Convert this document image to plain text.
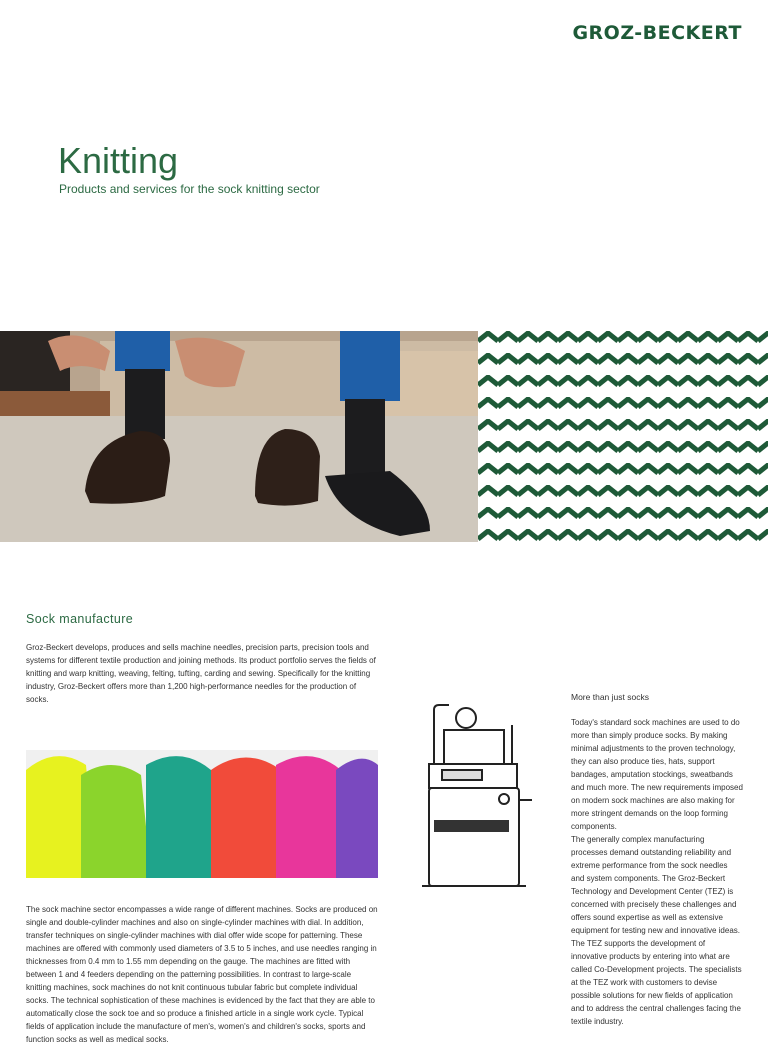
GROZ-BECKERT
Knitting
Products and services for the sock knitting sector
Sock manufacture
Groz-Beckert develops, produces and sells machine needles, precision parts, precision tools and systems for different textile production and joining methods. Its product portfolio serves the fields of knitting and warp knitting, weaving, felting, tufting, carding and sewing. Specifically for the knitting industry, Groz-Beckert offers more than 1,200 high-performance needles for the production of socks.
The sock machine sector encompasses a wide range of different machines. Socks are produced on single and double-cylinder machines and also on single-cylinder machines with dial. In addition, transfer techniques on single-cylinder machines with dial offer wide scope for patterning. These machines are offered with commonly used diameters of 3.5 to 5 inches, and use needles ranging in thicknesses from 0.4 mm to 1.55 mm depending on the gauge. The machines are fitted with between 1 and 4 feeders depending on the patterning possibilities. In contrast to large-scale knitting machines, sock machines do not knit continuous tubular fabric but complete individual socks. The technical sophistication of these machines is evidenced by the fact that they are able to automatically close the sock toe and so produce a finished article in a single work cycle. Typical fields of application include the manufacture of men's, women's and children's socks, sports and function socks as well as medical socks.
More than just socks
Today's standard sock machines are used to do more than simply produce socks. By making minimal adjustments to the proven technology, they can also produce ties, hats, support bandages, amputation stockings, sweatbands and much more. The new requirements imposed on modern sock machines are also making for more stringent demands on the loop forming components.
The generally complex manufacturing processes demand outstanding reliability and extreme performance from the sock needles and system components. The Groz-Beckert Technology and Development Center (TEZ) is concerned with precisely these challenges and offers sound expertise as well as extensive equipment for testing new and innovative ideas. The TEZ supports the development of innovative products by entering into what are called Co-Development projects. The specialists at the TEZ work with customers to devise possible solutions for new fields of application and to address the central challenges facing the textile industry.
